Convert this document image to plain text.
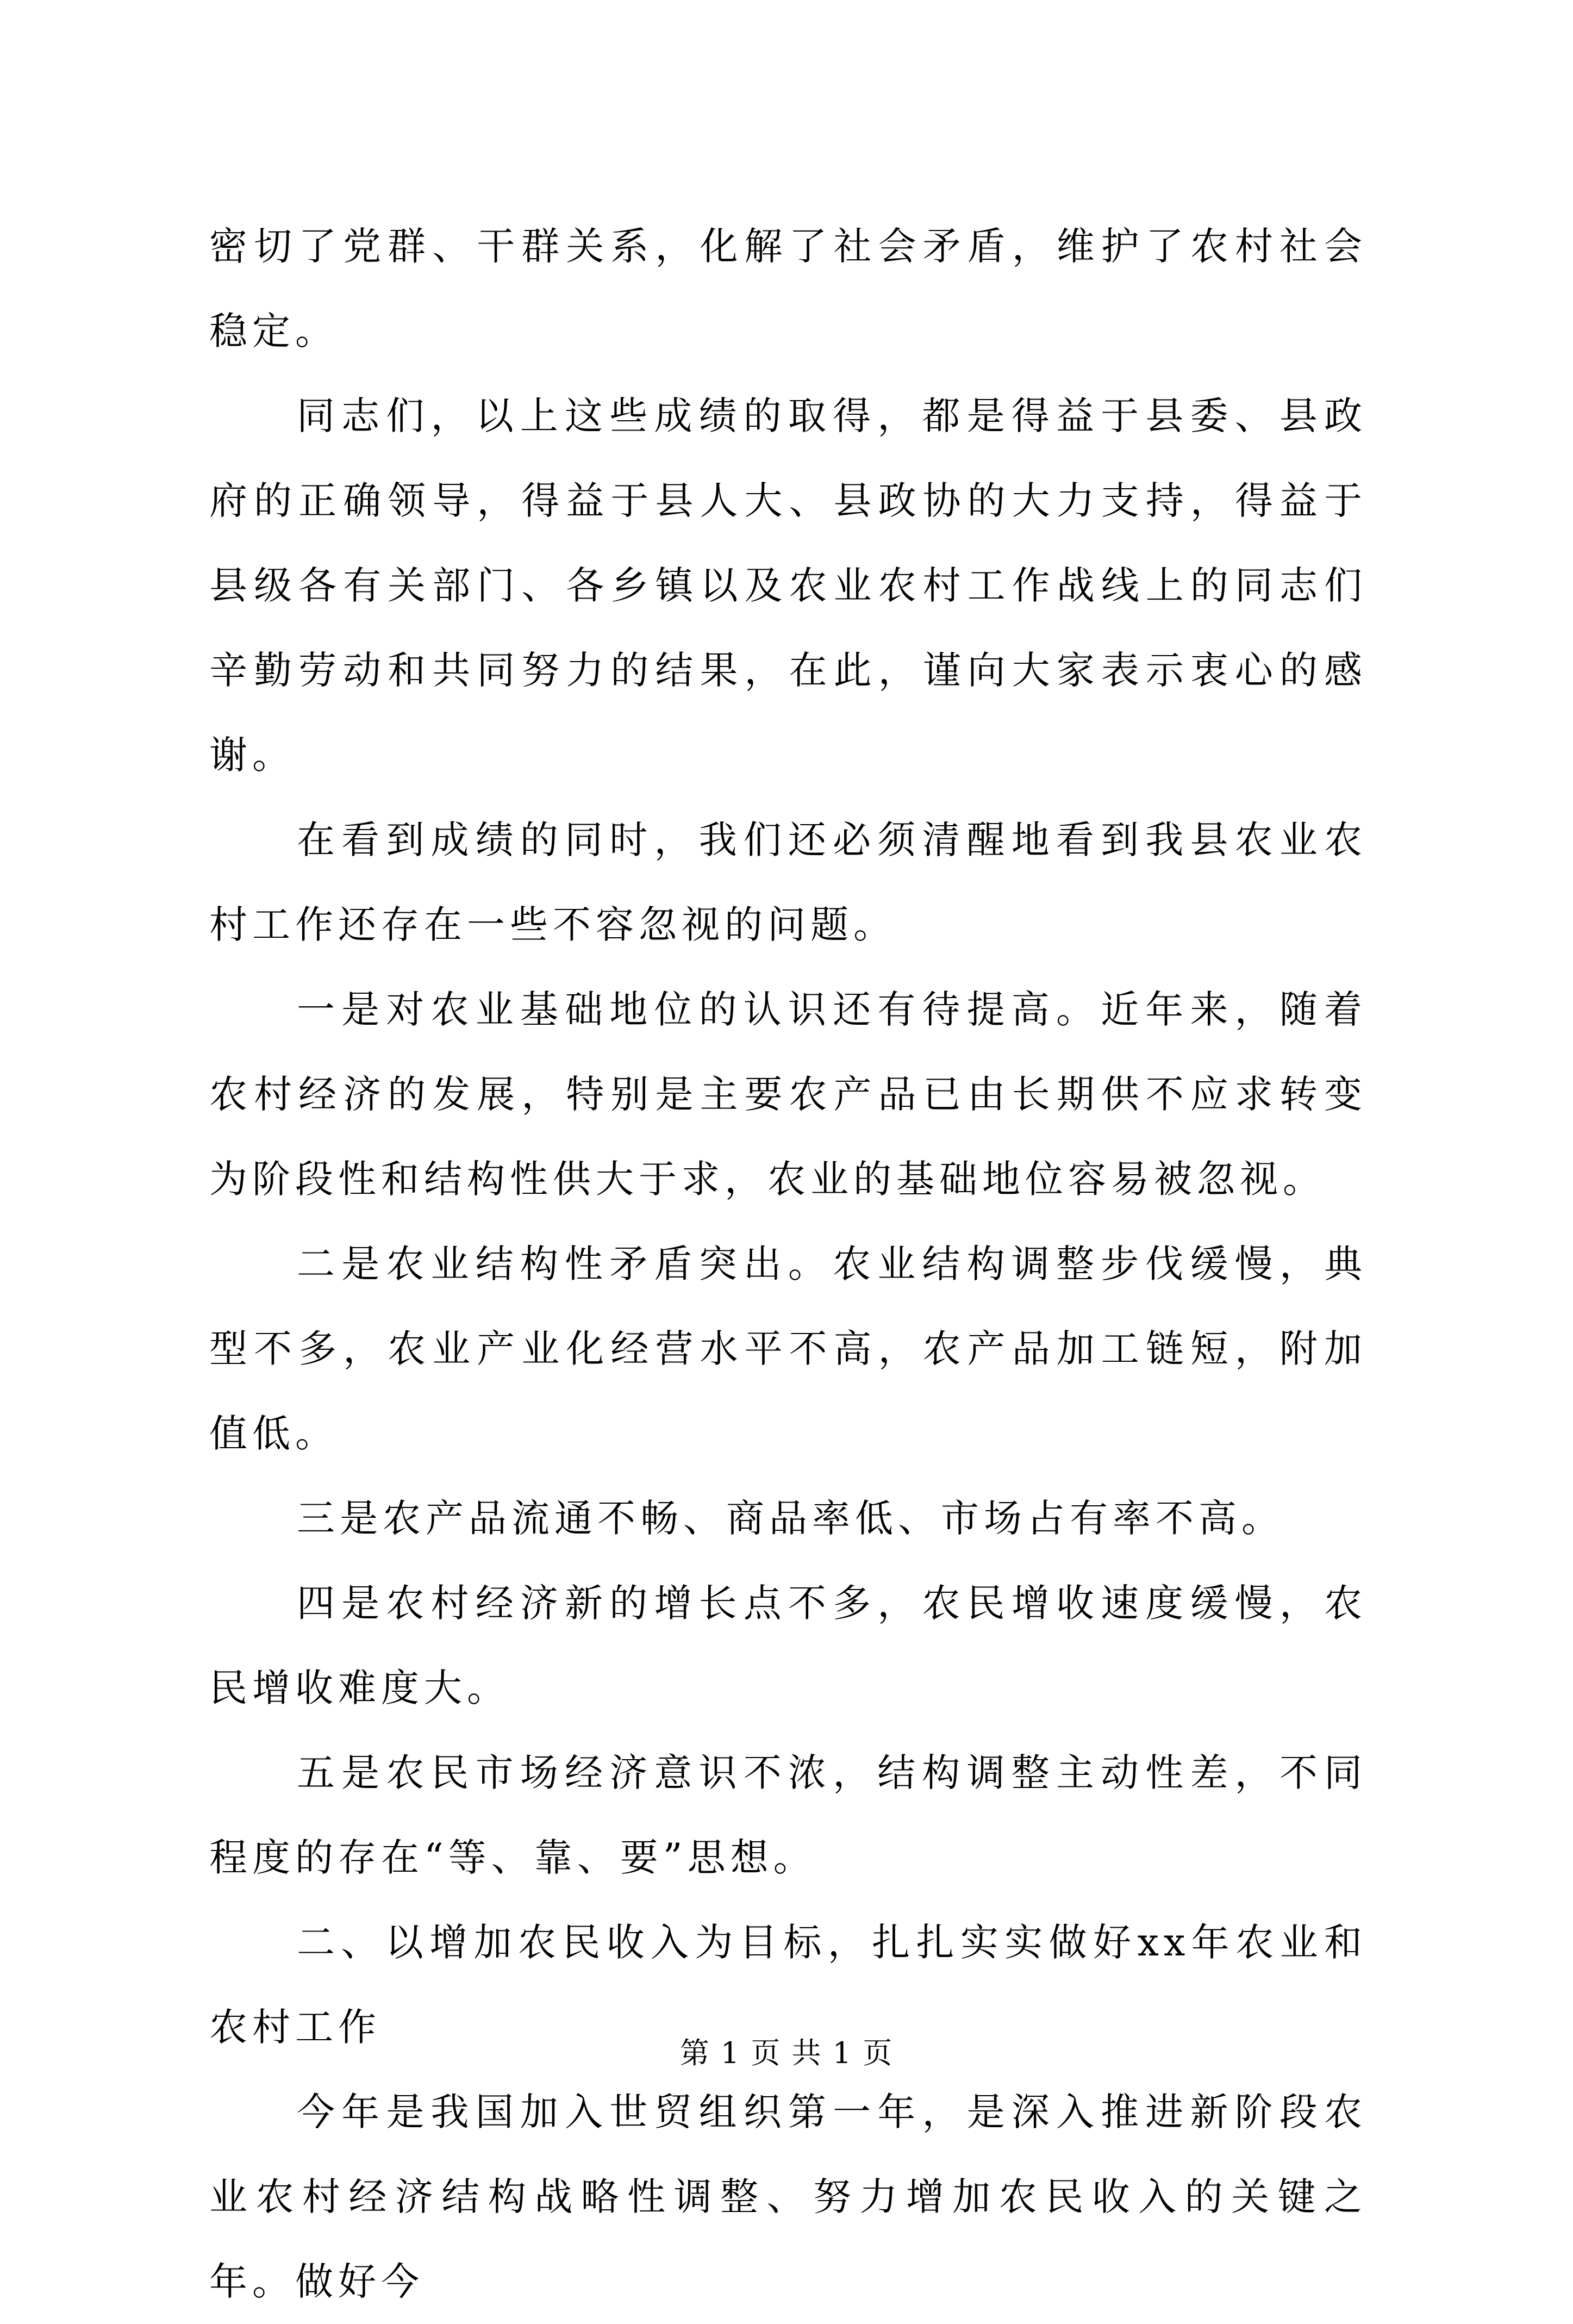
密切了党群、干群关系，化解了社会矛盾，维护了农村社会稳定。

同志们，以上这些成绩的取得，都是得益于县委、县政府的正确领导，得益于县人大、县政协的大力支持，得益于县级各有关部门、各乡镇以及农业农村工作战线上的同志们辛勤劳动和共同努力的结果，在此，谨向大家表示衷心的感谢。

在看到成绩的同时，我们还必须清醒地看到我县农业农村工作还存在一些不容忽视的问题。

一是对农业基础地位的认识还有待提高。近年来，随着农村经济的发展，特别是主要农产品已由长期供不应求转变为阶段性和结构性供大于求，农业的基础地位容易被忽视。

二是农业结构性矛盾突出。农业结构调整步伐缓慢，典型不多，农业产业化经营水平不高，农产品加工链短，附加值低。

三是农产品流通不畅、商品率低、市场占有率不高。

四是农村经济新的增长点不多，农民增收速度缓慢，农民增收难度大。

五是农民市场经济意识不浓，结构调整主动性差，不同程度的存在“等、靠、要”思想。

二、以增加农民收入为目标，扎扎实实做好xx年农业和农村工作

今年是我国加入世贸组织第一年，是深入推进新阶段农业农村经济结构战略性调整、努力增加农民收入的关键之年。做好今

第 1 页 共 1 页
